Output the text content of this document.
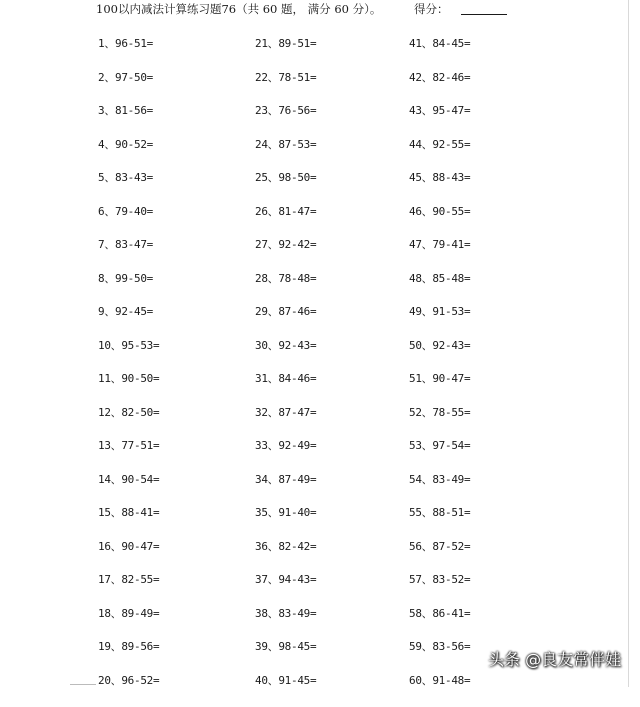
100以内减法计算练习题76（共 60 题， 满分 60 分）。	得分：
1、96-51=
2、97-50=
3、81-56=
4、90-52=
5、83-43=
6、79-40=
7、83-47=
8、99-50=
9、92-45=
10、95-53=
11、90-50=
12、82-50=
13、77-51=
14、90-54=
15、88-41=
16、90-47=
17、82-55=
18、89-49=
19、89-56=
20、96-52=
21、89-51=
22、78-51=
23、76-56=
24、87-53=
25、98-50=
26、81-47=
27、92-42=
28、78-48=
29、87-46=
30、92-43=
31、84-46=
32、87-47=
33、92-49=
34、87-49=
35、91-40=
36、82-42=
37、94-43=
38、83-49=
39、98-45=
40、91-45=
41、84-45=
42、82-46=
43、95-47=
44、92-55=
45、88-43=
46、90-55=
47、79-41=
48、85-48=
49、91-53=
50、92-43=
51、90-47=
52、78-55=
53、97-54=
54、83-49=
55、88-51=
56、87-52=
57、83-52=
58、86-41=
59、83-56=
60、91-48=
头条 @良友常伴娃
